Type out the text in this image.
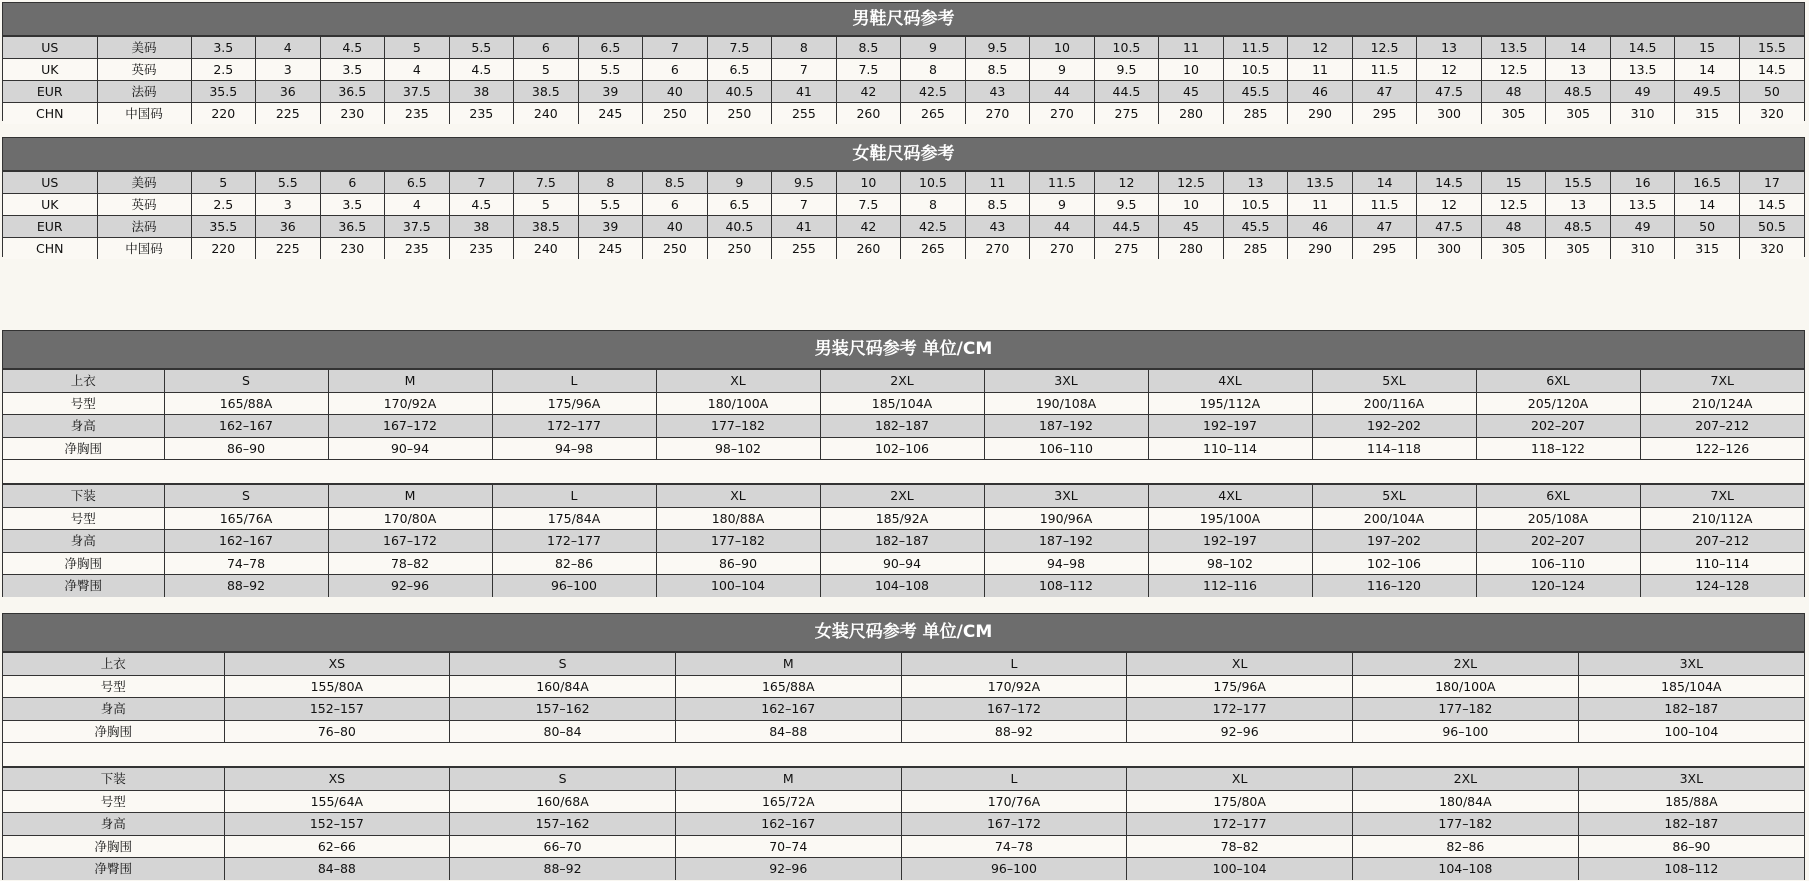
男鞋尺码参考
US	美码	3.5	4	4.5	5	5.5	6	6.5	7	7.5	8	8.5	9	9.5	10	10.5	11	11.5	12	12.5	13	13.5	14	14.5	15	15.5
UK	英码	2.5	3	3.5	4	4.5	5	5.5	6	6.5	7	7.5	8	8.5	9	9.5	10	10.5	11	11.5	12	12.5	13	13.5	14	14.5
EUR	法码	35.5	36	36.5	37.5	38	38.5	39	40	40.5	41	42	42.5	43	44	44.5	45	45.5	46	47	47.5	48	48.5	49	49.5	50
CHN	中国码	220	225	230	235	235	240	245	250	250	255	260	265	270	270	275	280	285	290	295	300	305	305	310	315	320
女鞋尺码参考
US	美码	5	5.5	6	6.5	7	7.5	8	8.5	9	9.5	10	10.5	11	11.5	12	12.5	13	13.5	14	14.5	15	15.5	16	16.5	17
UK	英码	2.5	3	3.5	4	4.5	5	5.5	6	6.5	7	7.5	8	8.5	9	9.5	10	10.5	11	11.5	12	12.5	13	13.5	14	14.5
EUR	法码	35.5	36	36.5	37.5	38	38.5	39	40	40.5	41	42	42.5	43	44	44.5	45	45.5	46	47	47.5	48	48.5	49	50	50.5
CHN	中国码	220	225	230	235	235	240	245	250	250	255	260	265	270	270	275	280	285	290	295	300	305	305	310	315	320
男装尺码参考 单位/CM
上衣	S	M	L	XL	2XL	3XL	4XL	5XL	6XL	7XL
号型	165/88A	170/92A	175/96A	180/100A	185/104A	190/108A	195/112A	200/116A	205/120A	210/124A
身高	162–167	167–172	172–177	177–182	182–187	187–192	192–197	192–202	202–207	207–212
净胸围	86–90	90–94	94–98	98–102	102–106	106–110	110–114	114–118	118–122	122–126
下装	S	M	L	XL	2XL	3XL	4XL	5XL	6XL	7XL
号型	165/76A	170/80A	175/84A	180/88A	185/92A	190/96A	195/100A	200/104A	205/108A	210/112A
身高	162–167	167–172	172–177	177–182	182–187	187–192	192–197	197–202	202–207	207–212
净胸围	74–78	78–82	82–86	86–90	90–94	94–98	98–102	102–106	106–110	110–114
净臀围	88–92	92–96	96–100	100–104	104–108	108–112	112–116	116–120	120–124	124–128
女装尺码参考 单位/CM
上衣	XS	S	M	L	XL	2XL	3XL
号型	155/80A	160/84A	165/88A	170/92A	175/96A	180/100A	185/104A
身高	152–157	157–162	162–167	167–172	172–177	177–182	182–187
净胸围	76–80	80–84	84–88	88–92	92–96	96–100	100–104
下装	XS	S	M	L	XL	2XL	3XL
号型	155/64A	160/68A	165/72A	170/76A	175/80A	180/84A	185/88A
身高	152–157	157–162	162–167	167–172	172–177	177–182	182–187
净胸围	62–66	66–70	70–74	74–78	78–82	82–86	86–90
净臀围	84–88	88–92	92–96	96–100	100–104	104–108	108–112
